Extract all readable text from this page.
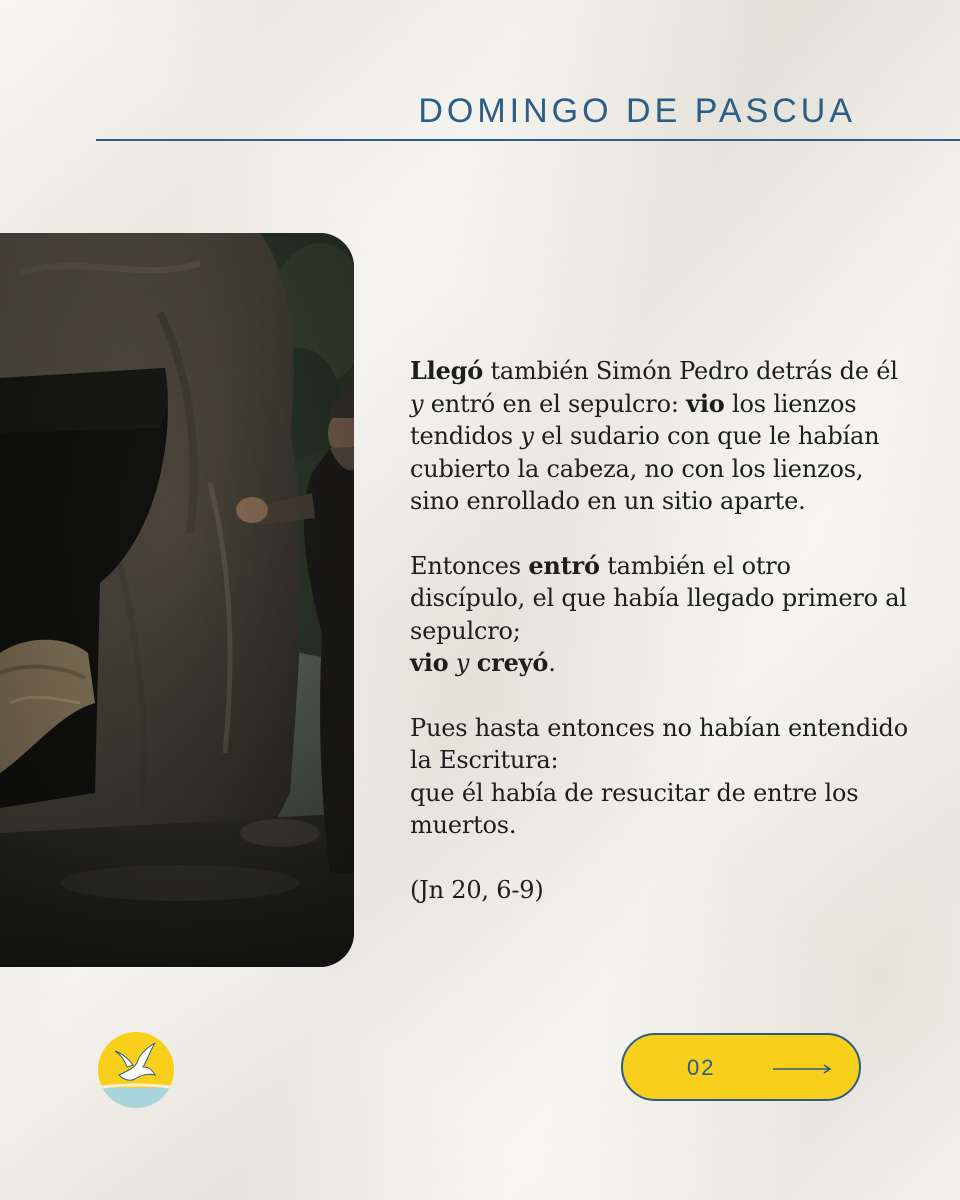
DOMINGO DE PASCUA

Llegó también Simón Pedro detrás de él y entró en el sepulcro: vio los lienzos tendidos y el sudario con que le habían cubierto la cabeza, no con los lienzos, sino enrollado en un sitio aparte.

Entonces entró también el otro discípulo, el que había llegado primero al sepulcro;
vio y creyó.

Pues hasta entonces no habían entendido la Escritura:
que él había de resucitar de entre los muertos.

(Jn 20, 6-9)

02
